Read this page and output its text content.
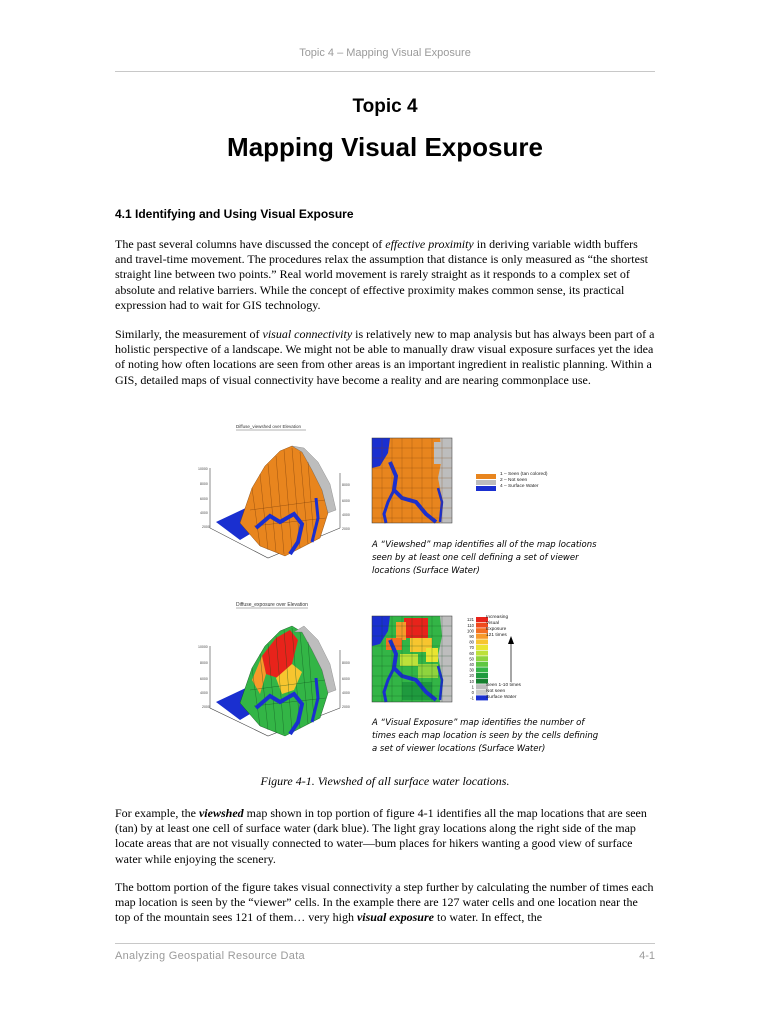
Topic 4 – Mapping Visual Exposure
Topic 4
Mapping Visual Exposure
4.1 Identifying and Using Visual Exposure
The past several columns have discussed the concept of effective proximity in deriving variable width buffers and travel-time movement. The procedures relax the assumption that distance is only measured as “the shortest straight line between two points.” Real world movement is rarely straight as it responds to a complex set of absolute and relative barriers. While the concept of effective proximity makes common sense, its practical expression had to wait for GIS technology.
Similarly, the measurement of visual connectivity is relatively new to map analysis but has always been part of a holistic perspective of a landscape. We might not be able to manually draw visual exposure surfaces yet the idea of noting how often locations are seen from other areas is an important ingredient in realistic planning. Within a GIS, detailed maps of visual connectivity have become a reality and are nearing commonplace use.
Diffuse_viewshed over Elevation
10000
8000
6000
4000
2000
8000
6000
4000
2000
Diffuse_exposure over Elevation
10000
8000
6000
4000
2000
8000
6000
4000
2000
121
110
100
90
80
70
60
50
40
30
20
10
1
0
-1
1 – Seen (tan colored)
2 – Not seen
4 – Surface Water
A “Viewshed” map identifies all of the map locations seen by at least one cell defining a set of viewer locations (Surface Water)
Increasing
Visual
Exposure
121 times
Seen 1-10 times
Not seen
Surface Water
A “Visual Exposure” map identifies the number of times each map location is seen by the cells defining a set of viewer locations (Surface Water)
Figure 4-1. Viewshed of all surface water locations.
For example, the viewshed map shown in top portion of figure 4-1 identifies all the map locations that are seen (tan) by at least one cell of surface water (dark blue). The light gray locations along the right side of the map locate areas that are not visually connected to water—bum places for hikers wanting a good view of surface water while enjoying the scenery.
The bottom portion of the figure takes visual connectivity a step further by calculating the number of times each map location is seen by the “viewer” cells. In the example there are 127 water cells and one location near the top of the mountain sees 121 of them… very high visual exposure to water. In effect, the
Analyzing Geospatial Resource Data	4-1
